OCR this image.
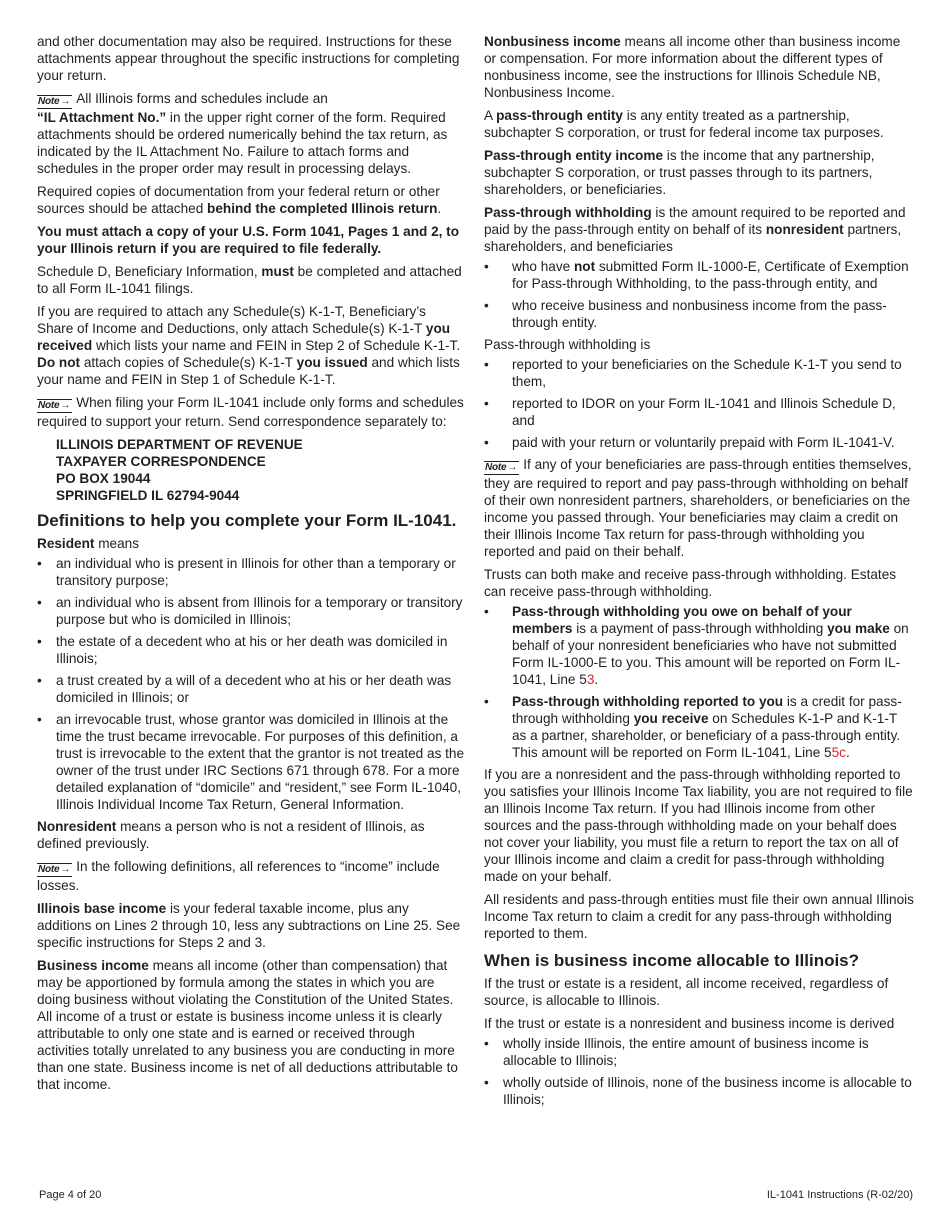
and other documentation may also be required. Instructions for these attachments appear throughout the specific instructions for completing your return.

Note→ All Illinois forms and schedules include an
“IL Attachment No.” in the upper right corner of the form. Required attachments should be ordered numerically behind the tax return, as indicated by the IL Attachment No. Failure to attach forms and schedules in the proper order may result in processing delays.

Required copies of documentation from your federal return or other sources should be attached behind the completed Illinois return.

You must attach a copy of your U.S. Form 1041, Pages 1 and 2, to your Illinois return if you are required to file federally.

Schedule D, Beneficiary Information, must be completed and attached to all Form IL-1041 filings.

If you are required to attach any Schedule(s) K-1-T, Beneficiary’s Share of Income and Deductions, only attach Schedule(s) K-1-T you received which lists your name and FEIN in Step 2 of Schedule K-1-T. Do not attach copies of Schedule(s) K-1-T you issued and which lists your name and FEIN in Step 1 of Schedule K-1-T.

Note→ When filing your Form IL-1041 include only forms and schedules required to support your return. Send correspondence separately to:

ILLINOIS DEPARTMENT OF REVENUE
TAXPAYER CORRESPONDENCE
PO BOX 19044
SPRINGFIELD IL 62794-9044
Definitions to help you complete your Form IL-1041.

Resident means

• an individual who is present in Illinois for other than a temporary or transitory purpose;
• an individual who is absent from Illinois for a temporary or transitory purpose but who is domiciled in Illinois;
• the estate of a decedent who at his or her death was domiciled in Illinois;
• a trust created by a will of a decedent who at his or her death was domiciled in Illinois; or
• an irrevocable trust, whose grantor was domiciled in Illinois at the time the trust became irrevocable. For purposes of this definition, a trust is irrevocable to the extent that the grantor is not treated as the owner of the trust under IRC Sections 671 through 678. For a more detailed explanation of “domicile” and “resident,” see Form IL-1040, Illinois Individual Income Tax Return, General Information.

Nonresident means a person who is not a resident of Illinois, as defined previously.

Note→ In the following definitions, all references to “income” include losses.

Illinois base income is your federal taxable income, plus any additions on Lines 2 through 10, less any subtractions on Line 25. See specific instructions for Steps 2 and 3.

Business income means all income (other than compensation) that may be apportioned by formula among the states in which you are doing business without violating the Constitution of the United States. All income of a trust or estate is business income unless it is clearly attributable to only one state and is earned or received through activities totally unrelated to any business you are conducting in more than one state. Business income is net of all deductions attributable to that income.

Nonbusiness income means all income other than business income or compensation. For more information about the different types of nonbusiness income, see the instructions for Illinois Schedule NB, Nonbusiness Income.

A pass-through entity is any entity treated as a partnership, subchapter S corporation, or trust for federal income tax purposes.

Pass-through entity income is the income that any partnership, subchapter S corporation, or trust passes through to its partners, shareholders, or beneficiaries.

Pass-through withholding is the amount required to be reported and paid by the pass-through entity on behalf of its nonresident partners, shareholders, and beneficiaries

• who have not submitted Form IL-1000-E, Certificate of Exemption for Pass-through Withholding, to the pass-through entity, and
• who receive business and nonbusiness income from the pass-through entity.

Pass-through withholding is

• reported to your beneficiaries on the Schedule K-1-T you send to them,
• reported to IDOR on your Form IL-1041 and Illinois Schedule D, and
• paid with your return or voluntarily prepaid with Form IL-1041-V.

Note→ If any of your beneficiaries are pass-through entities themselves, they are required to report and pay pass-through withholding on behalf of their own nonresident partners, shareholders, or beneficiaries on the income you passed through. Your beneficiaries may claim a credit on their Illinois Income Tax return for pass-through withholding you reported and paid on their behalf.

Trusts can both make and receive pass-through withholding. Estates can receive pass-through withholding.

• Pass-through withholding you owe on behalf of your members is a payment of pass-through withholding you make on behalf of your nonresident beneficiaries who have not submitted Form IL-1000-E to you. This amount will be reported on Form IL-1041, Line 53.
• Pass-through withholding reported to you is a credit for pass-through withholding you receive on Schedules K-1-P and K-1-T as a partner, shareholder, or beneficiary of a pass-through entity. This amount will be reported on Form IL-1041, Line 55c.

If you are a nonresident and the pass-through withholding reported to you satisfies your Illinois Income Tax liability, you are not required to file an Illinois Income Tax return. If you had Illinois income from other sources and the pass-through withholding made on your behalf does not cover your liability, you must file a return to report the tax on all of your Illinois income and claim a credit for pass-through withholding made on your behalf.

All residents and pass-through entities must file their own annual Illinois Income Tax return to claim a credit for any pass-through withholding reported to them.

When is business income allocable to Illinois?

If the trust or estate is a resident, all income received, regardless of source, is allocable to Illinois.

If the trust or estate is a nonresident and business income is derived

• wholly inside Illinois, the entire amount of business income is allocable to Illinois;
• wholly outside of Illinois, none of the business income is allocable to Illinois;
Page 4 of 20	IL-1041 Instructions (R-02/20)
